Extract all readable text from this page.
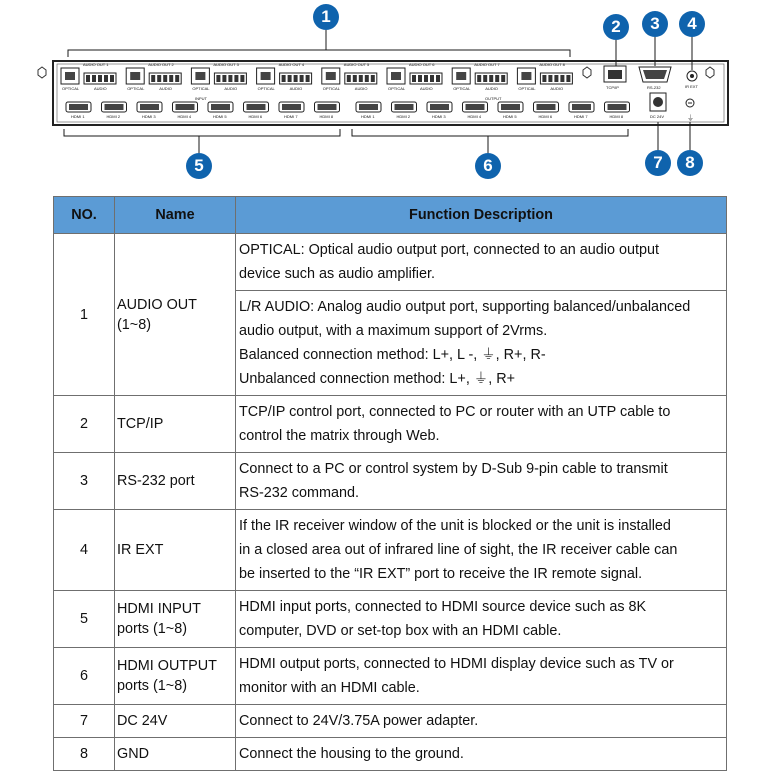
⏚
INPUT	OUTPUT
TCP/IP	RS-232	IR EXT
DC 24V
AUDIO OUT 1
OPTICAL	AUDIO
AUDIO OUT 2
OPTICAL	AUDIO
AUDIO OUT 3
OPTICAL	AUDIO
AUDIO OUT 4
OPTICAL	AUDIO
AUDIO OUT 5
OPTICAL	AUDIO
AUDIO OUT 6
OPTICAL	AUDIO
AUDIO OUT 7
OPTICAL	AUDIO
AUDIO OUT 8
OPTICAL	AUDIO
HDMI 1	HDMI 2	HDMI 3	HDMI 4	HDMI 5	HDMI 6	HDMI 7	HDMI 8	HDMI 1	HDMI 2	HDMI 3	HDMI 4	HDMI 5	HDMI 6	HDMI 7	HDMI 8
1
2	3	4
5	6	7	8
NO.	Name	Function Description
1	AUDIO OUT
(1~8)	OPTICAL: Optical audio output port, connected to an audio output
device such as audio amplifier.

		L/R AUDIO: Analog audio output port, supporting balanced/unbalanced
audio output, with a maximum support of 2Vrms.
Balanced connection method: L+, L -, ⏚, R+, R-
Unbalanced connection method: L+, ⏚, R+

2	TCP/IP	TCP/IP control port, connected to PC or router with an UTP cable to
control the matrix through Web.

3	RS-232 port	Connect to a PC or control system by D-Sub 9-pin cable to transmit
RS-232 command.

4	IR EXT	If the IR receiver window of the unit is blocked or the unit is installed
in a closed area out of infrared line of sight, the IR receiver cable can
be inserted to the “IR EXT” port to receive the IR remote signal.

5	HDMI INPUT
ports (1~8)	HDMI input ports, connected to HDMI source device such as 8K
computer, DVD or set-top box with an HDMI cable.

6	HDMI OUTPUT
ports (1~8)	HDMI output ports, connected to HDMI display device such as TV or
monitor with an HDMI cable.

7	DC 24V	Connect to 24V/3.75A power adapter.

8	GND	Connect the housing to the ground.
